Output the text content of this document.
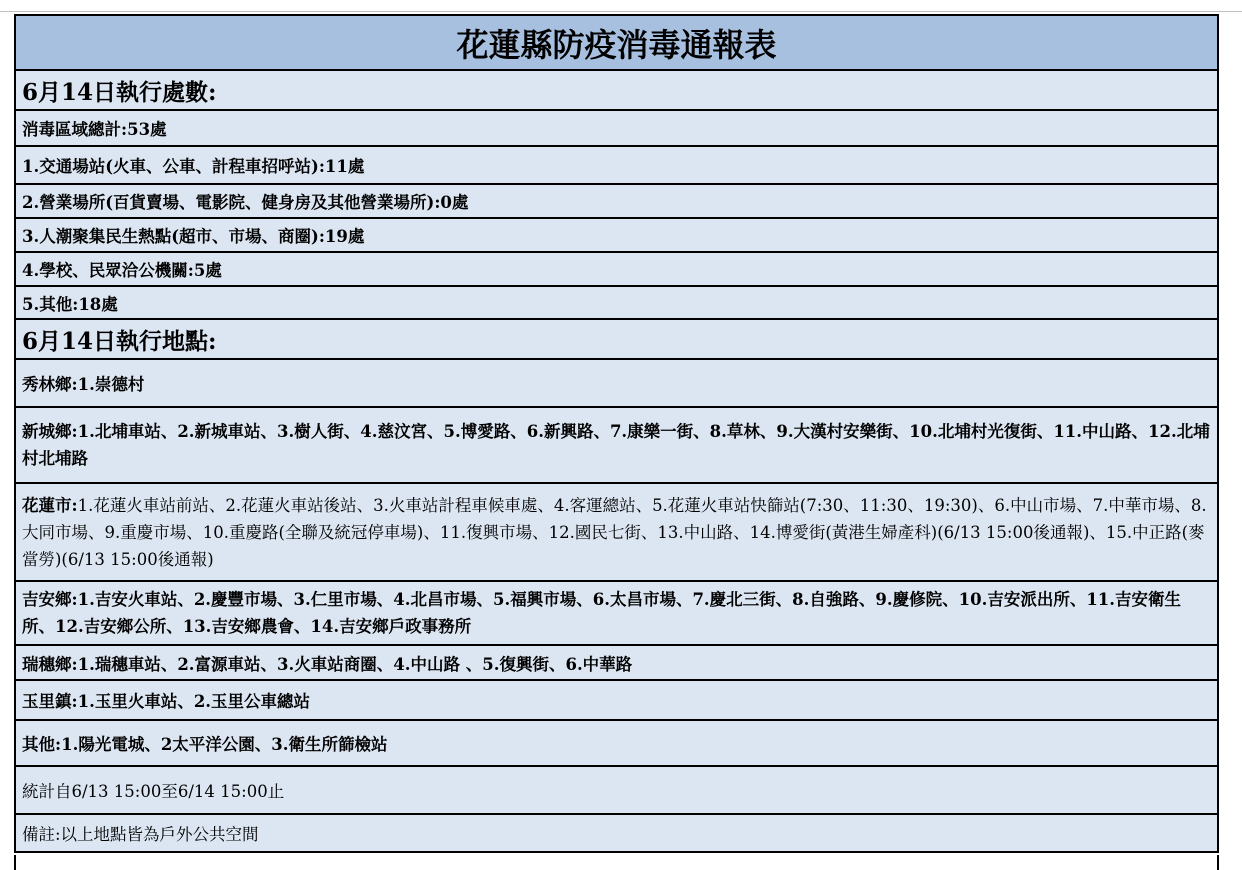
花蓮縣防疫消毒通報表
6月14日執行處數:
消毒區域總計:53處
1.交通場站(火車、公車、計程車招呼站):11處
2.營業場所(百貨賣場、電影院、健身房及其他營業場所):0處
3.人潮聚集民生熱點(超市、市場、商圈):19處
4.學校、民眾洽公機關:5處
5.其他:18處
6月14日執行地點:
秀林鄉:1.崇德村
新城鄉:1.北埔車站、2.新城車站、3.樹人街、4.慈汶宮、5.博愛路、6.新興路、7.康樂一街、8.草林、9.大漢村安樂街、10.北埔村光復街、11.中山路、12.北埔村北埔路
花蓮市:1.花蓮火車站前站、2.花蓮火車站後站、3.火車站計程車候車處、4.客運總站、5.花蓮火車站快篩站(7:30、11:30、19:30)、6.中山市場、7.中華市場、8.大同市場、9.重慶市場、10.重慶路(全聯及統冠停車場)、11.復興市場、12.國民七街、13.中山路、14.博愛街(黃港生婦產科)(6/13 15:00後通報)、15.中正路(麥當勞)(6/13 15:00後通報)
吉安鄉:1.吉安火車站、2.慶豐市場、3.仁里市場、4.北昌市場、5.福興市場、6.太昌市場、7.慶北三街、8.自強路、9.慶修院、10.吉安派出所、11.吉安衛生所、12.吉安鄉公所、13.吉安鄉農會、14.吉安鄉戶政事務所
瑞穗鄉:1.瑞穗車站、2.富源車站、3.火車站商圈、4.中山路 、5.復興街、6.中華路
玉里鎮:1.玉里火車站、2.玉里公車總站
其他:1.陽光電城、2太平洋公園、3.衛生所篩檢站
統計自6/13 15:00至6/14 15:00止
備註:以上地點皆為戶外公共空間
